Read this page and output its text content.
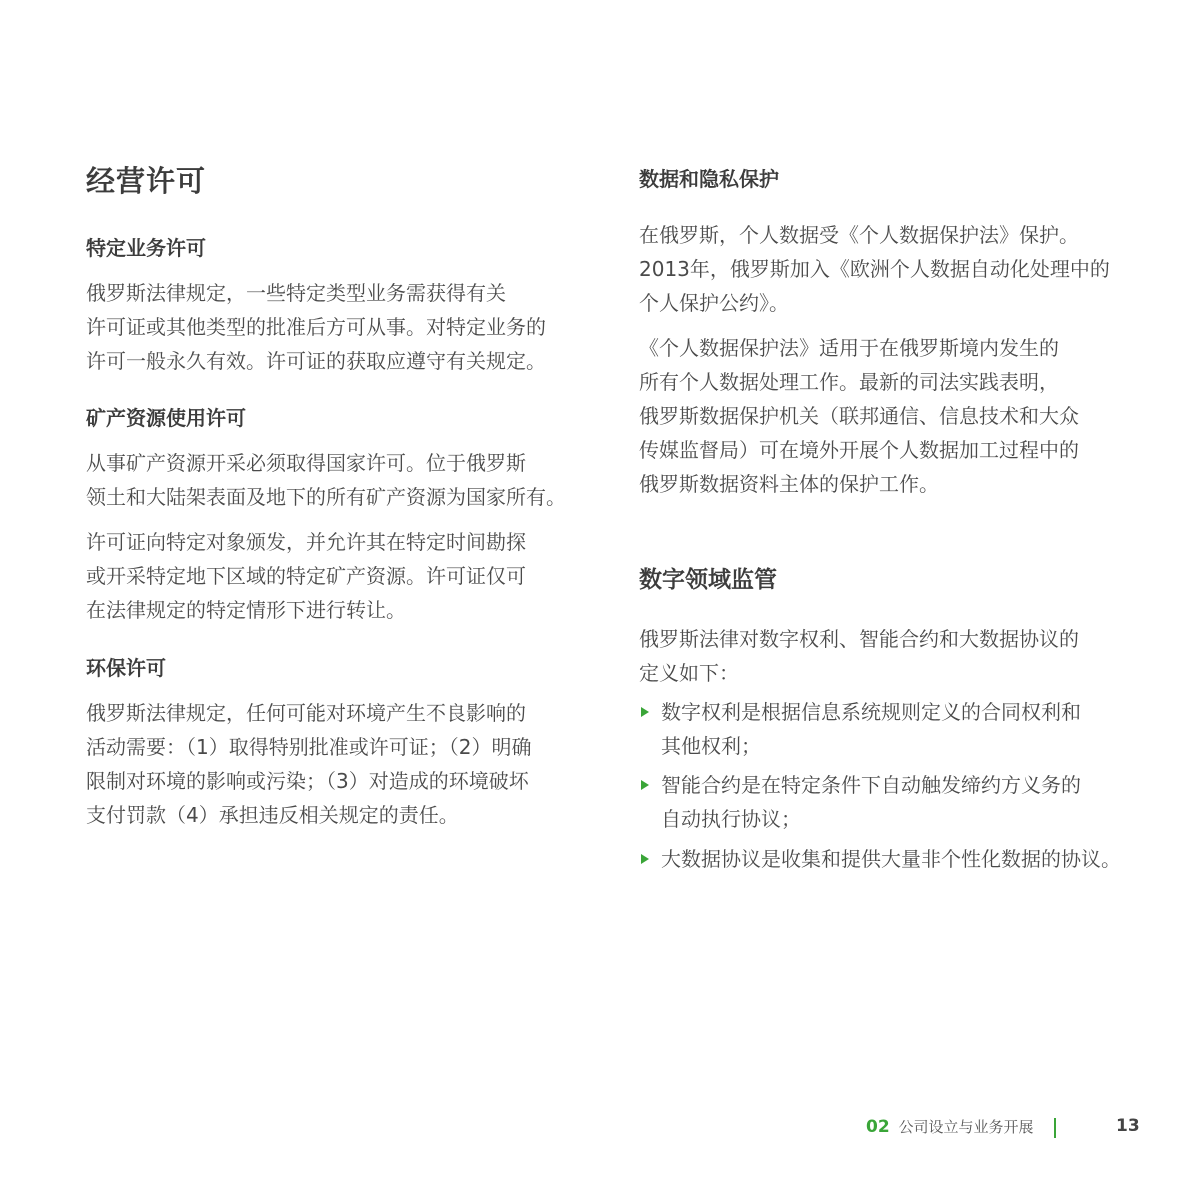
经营许可
特定业务许可

俄罗斯法律规定，一些特定类型业务需获得有关
许可证或其他类型的批准后方可从事。对特定业务的
许可一般永久有效。许可证的获取应遵守有关规定。

矿产资源使用许可

从事矿产资源开采必须取得国家许可。位于俄罗斯
领土和大陆架表面及地下的所有矿产资源为国家所有。

许可证向特定对象颁发，并允许其在特定时间勘探
或开采特定地下区域的特定矿产资源。许可证仅可
在法律规定的特定情形下进行转让。

环保许可

俄罗斯法律规定，任何可能对环境产生不良影响的
活动需要：（1）取得特别批准或许可证；（2）明确
限制对环境的影响或污染；（3）对造成的环境破坏
支付罚款（4）承担违反相关规定的责任。

数据和隐私保护

在俄罗斯，个人数据受《个人数据保护法》保护。
2013年，俄罗斯加入《欧洲个人数据自动化处理中的
个人保护公约》。

《个人数据保护法》适用于在俄罗斯境内发生的
所有个人数据处理工作。最新的司法实践表明，
俄罗斯数据保护机关（联邦通信、信息技术和大众
传媒监督局）可在境外开展个人数据加工过程中的
俄罗斯数据资料主体的保护工作。

数字领域监管

俄罗斯法律对数字权利、智能合约和大数据协议的
定义如下：

数字权利是根据信息系统规则定义的合同权利和
其他权利；
智能合约是在特定条件下自动触发缔约方义务的
自动执行协议；
大数据协议是收集和提供大量非个性化数据的协议。
02 公司设立与业务开展	13
